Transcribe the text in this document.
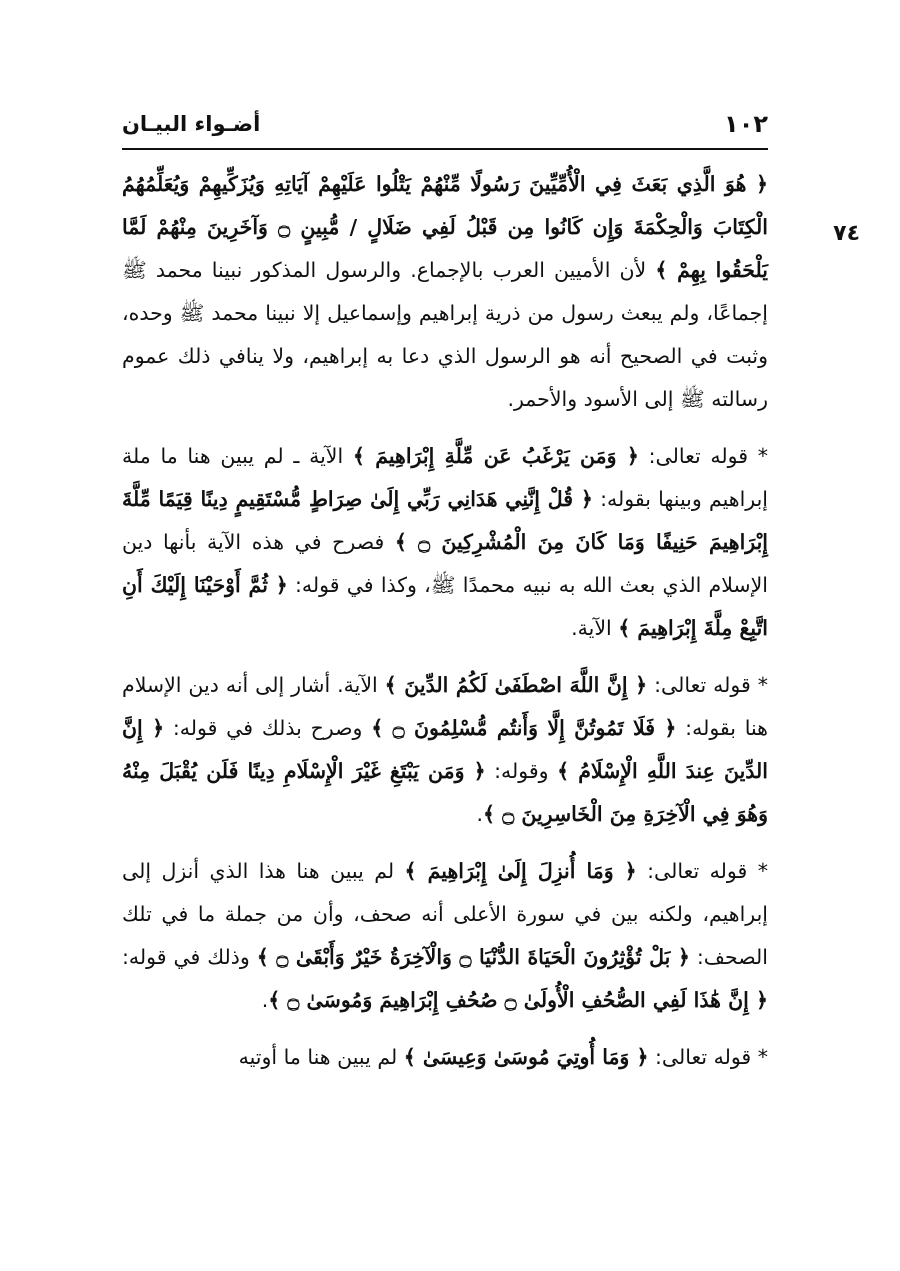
١٠٢
أضـواء البيـان
٧٤

﴿ هُوَ الَّذِي بَعَثَ فِي الْأُمِّيِّينَ رَسُولًا مِّنْهُمْ يَتْلُوا عَلَيْهِمْ آيَاتِهِ وَيُزَكِّيهِمْ وَيُعَلِّمُهُمُ الْكِتَابَ وَالْحِكْمَةَ وَإِن كَانُوا مِن قَبْلُ لَفِي ضَلَالٍ / مُّبِينٍ ۝ وَآخَرِينَ مِنْهُمْ لَمَّا يَلْحَقُوا بِهِمْ ﴾ لأن الأميين العرب بالإجماع. والرسول المذكور نبينا محمد ﷺ إجماعًا، ولم يبعث رسول من ذرية إبراهيم وإسماعيل إلا نبينا محمد ﷺ وحده، وثبت في الصحيح أنه هو الرسول الذي دعا به إبراهيم، ولا ينافي ذلك عموم رسالته ﷺ إلى الأسود والأحمر.

* قوله تعالى: ﴿ وَمَن يَرْغَبُ عَن مِّلَّةِ إِبْرَاهِيمَ ﴾ الآية ـ لم يبين هنا ما ملة إبراهيم وبينها بقوله: ﴿ قُلْ إِنَّنِي هَدَانِي رَبِّي إِلَىٰ صِرَاطٍ مُّسْتَقِيمٍ دِينًا قِيَمًا مِّلَّةَ إِبْرَاهِيمَ حَنِيفًا وَمَا كَانَ مِنَ الْمُشْرِكِينَ ۝ ﴾ فصرح في هذه الآية بأنها دين الإسلام الذي بعث الله به نبيه محمدًا ﷺ، وكذا في قوله: ﴿ ثُمَّ أَوْحَيْنَا إِلَيْكَ أَنِ اتَّبِعْ مِلَّةَ إِبْرَاهِيمَ ﴾ الآية.

* قوله تعالى: ﴿ إِنَّ اللَّهَ اصْطَفَىٰ لَكُمُ الدِّينَ ﴾ الآية. أشار إلى أنه دين الإسلام هنا بقوله: ﴿ فَلَا تَمُوتُنَّ إِلَّا وَأَنتُم مُّسْلِمُونَ ۝ ﴾ وصرح بذلك في قوله: ﴿ إِنَّ الدِّينَ عِندَ اللَّهِ الْإِسْلَامُ ﴾ وقوله: ﴿ وَمَن يَبْتَغِ غَيْرَ الْإِسْلَامِ دِينًا فَلَن يُقْبَلَ مِنْهُ وَهُوَ فِي الْآخِرَةِ مِنَ الْخَاسِرِينَ ۝ ﴾.

* قوله تعالى: ﴿ وَمَا أُنزِلَ إِلَىٰ إِبْرَاهِيمَ ﴾ لم يبين هنا هذا الذي أنزل إلى إبراهيم، ولكنه بين في سورة الأعلى أنه صحف، وأن من جملة ما في تلك الصحف: ﴿ بَلْ تُؤْثِرُونَ الْحَيَاةَ الدُّنْيَا ۝ وَالْآخِرَةُ خَيْرٌ وَأَبْقَىٰ ۝ ﴾ وذلك في قوله: ﴿ إِنَّ هَٰذَا لَفِي الصُّحُفِ الْأُولَىٰ ۝ صُحُفِ إِبْرَاهِيمَ وَمُوسَىٰ ۝ ﴾.

* قوله تعالى: ﴿ وَمَا أُوتِيَ مُوسَىٰ وَعِيسَىٰ ﴾ لم يبين هنا ما أوتيه
